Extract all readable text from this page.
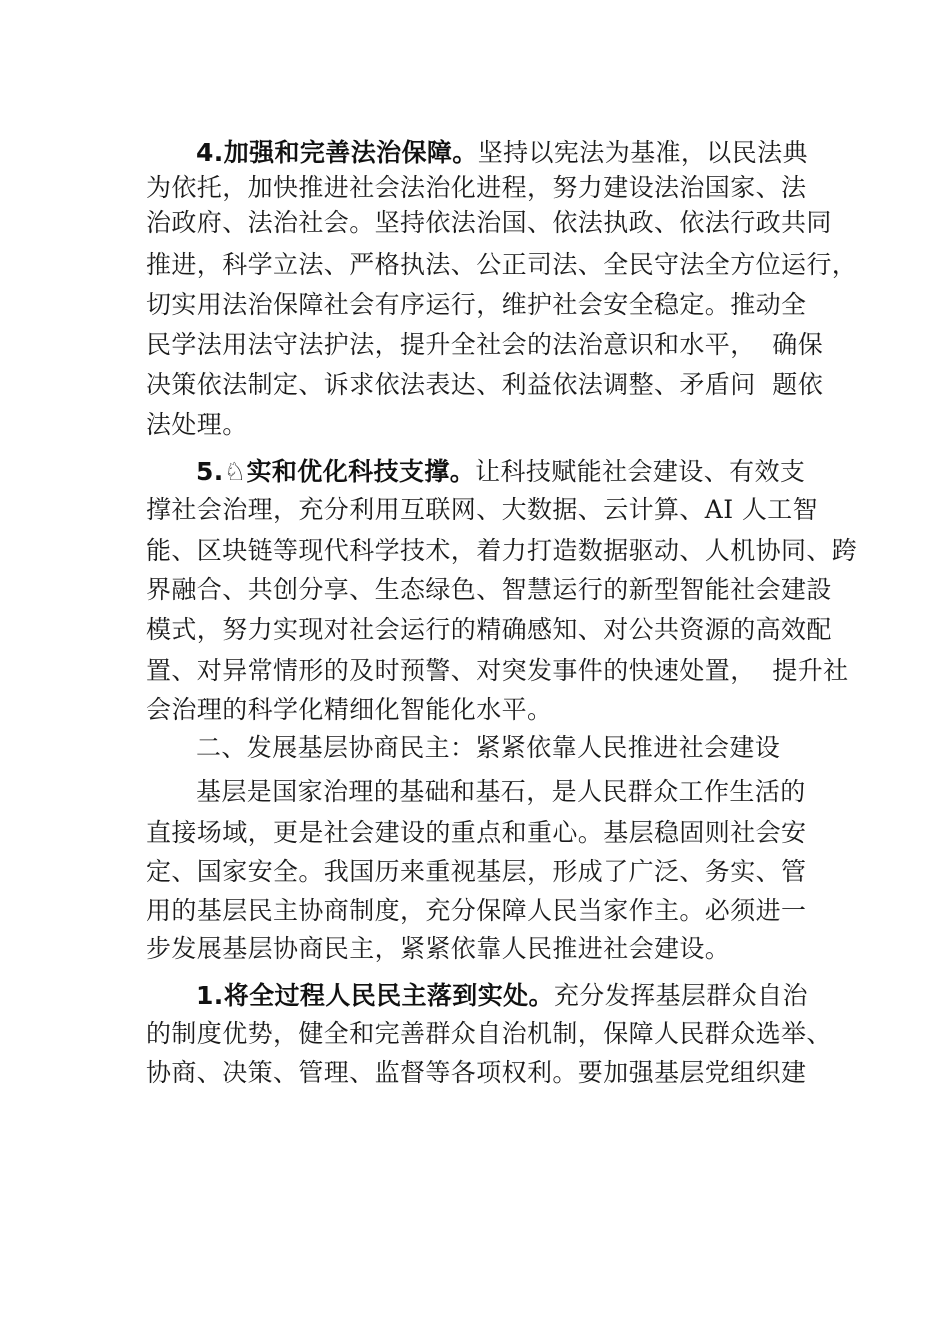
4.加强和完善法治保障。坚持以宪法为基准，以民法典
为依托，加快推进社会法治化进程，努力建设法治国家、法
治政府、法治社会。坚持依法治国、依法执政、依法行政共同
推进，科学立法、严格执法、公正司法、全民守法全方位运行，
切实用法治保障社会有序运行，维护社会安全稳定。推动全
民学法用法守法护法，提升全社会的法治意识和水平，  确保
决策依法制定、诉求依法表达、利益依法调整、矛盾问  题依
法处理。
5.♘实和优化科技支撑。让科技赋能社会建设、有效支
撑社会治理，充分利用互联网、大数据、云计算、AI 人工智
能、区块链等现代科学技术，着力打造数据驱动、人机协同、跨
界融合、共创分享、生态绿色、智慧运行的新型智能社会建設
模式，努力实现对社会运行的精确感知、对公共资源的高效配
置、对异常情形的及时预警、对突发事件的快速处置，  提升社
会治理的科学化精细化智能化水平。
二、发展基层协商民主：紧紧依靠人民推进社会建设
基层是国家治理的基础和基石，是人民群众工作生活的
直接场域，更是社会建设的重点和重心。基层稳固则社会安
定、国家安全。我国历来重视基层，形成了广泛、务实、管
用的基层民主协商制度，充分保障人民当家作主。必须进一
步发展基层协商民主，紧紧依靠人民推进社会建设。
1.将全过程人民民主落到实处。充分发挥基层群众自治
的制度优势，健全和完善群众自治机制，保障人民群众选举、
协商、决策、管理、监督等各项权利。要加强基层党组织建
